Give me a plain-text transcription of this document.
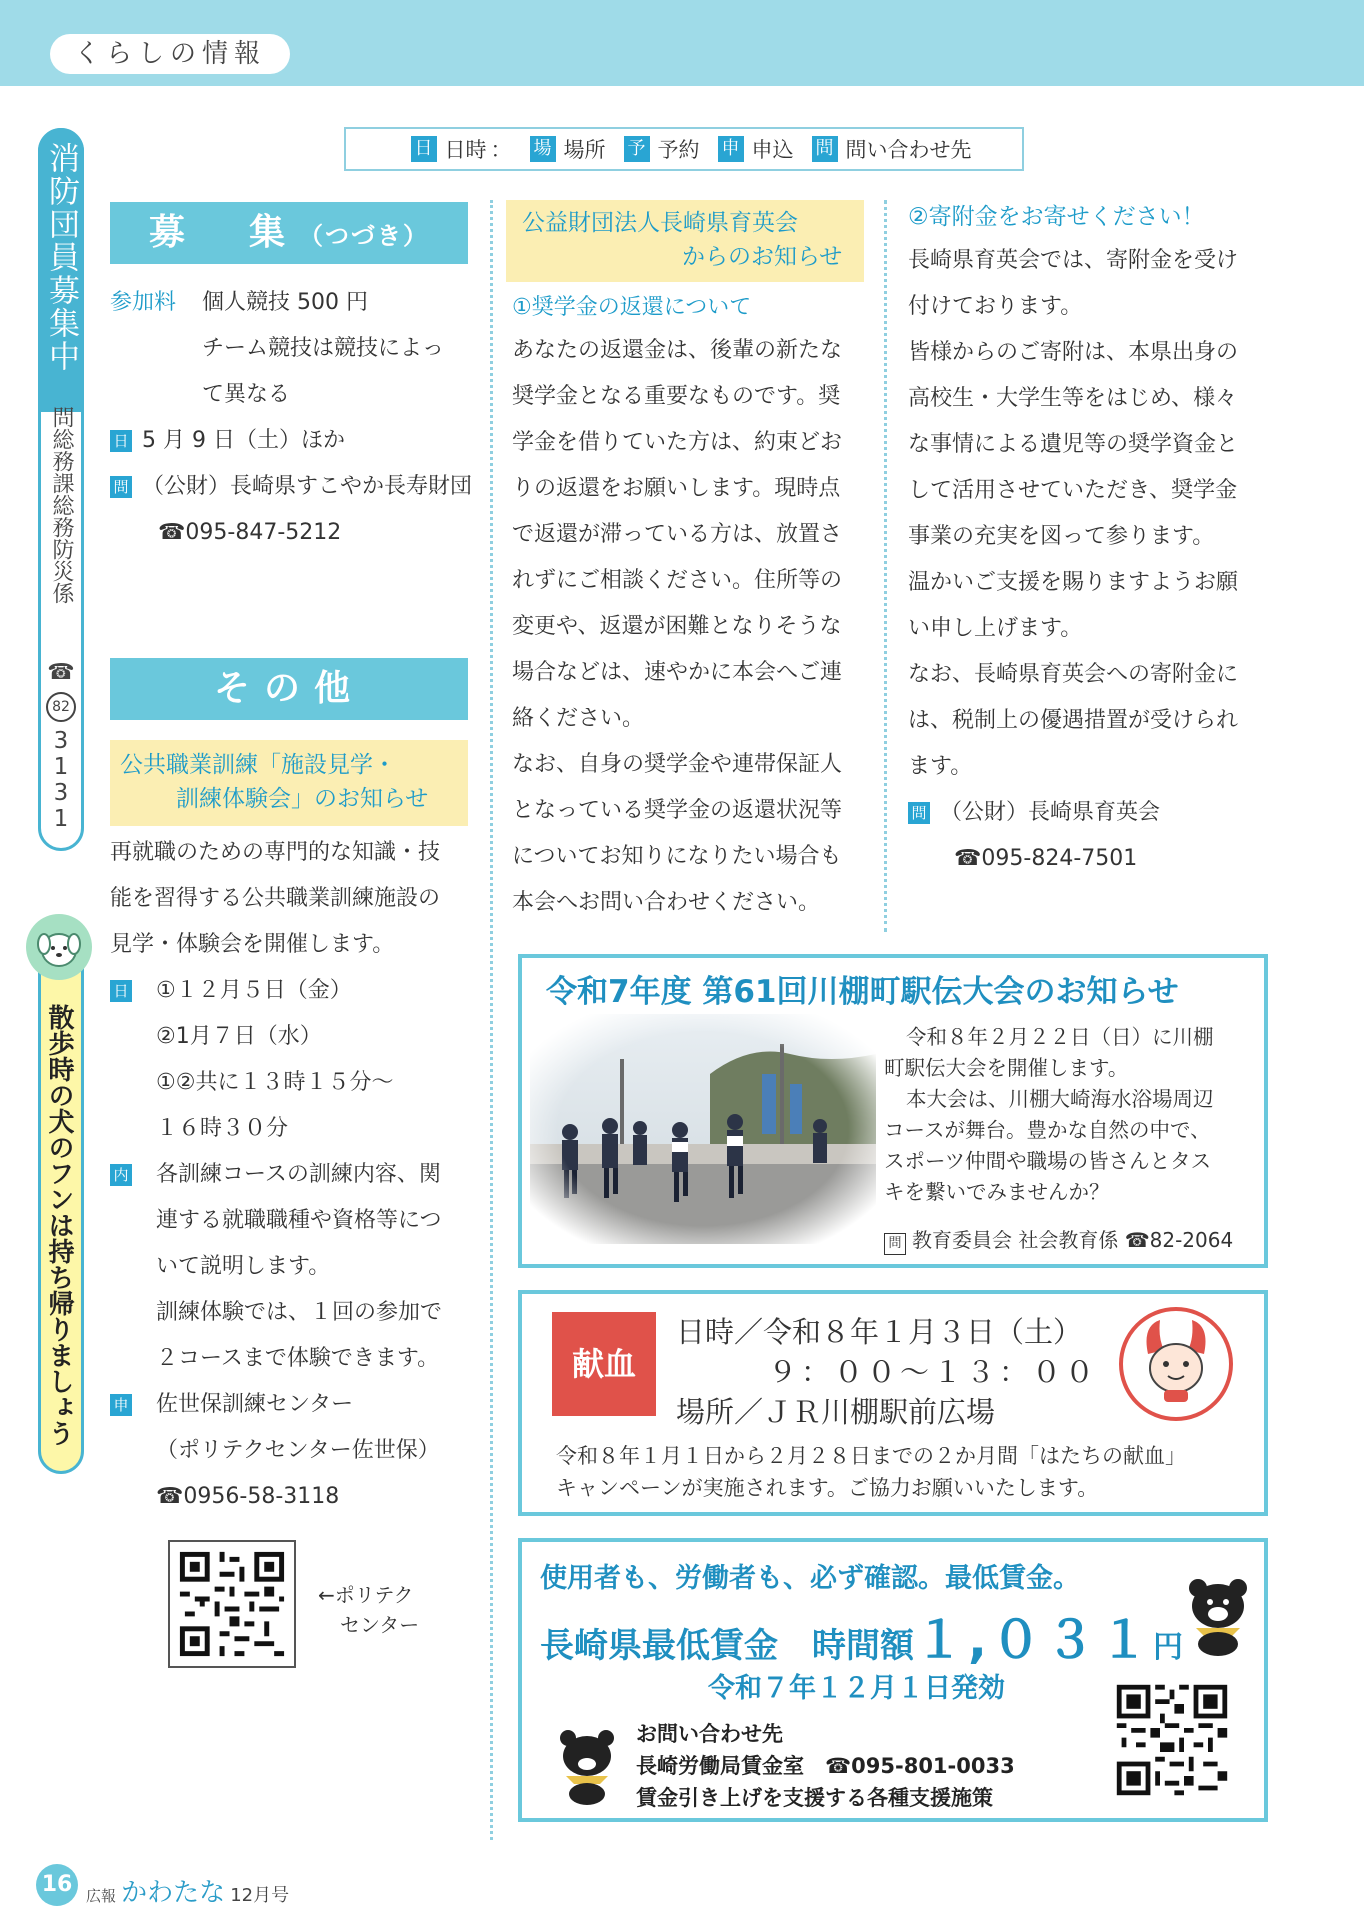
くらしの情報
日 日時 ： 場 場所 予 予約 申 申込 問 問い合わせ先
消防団員募集中
問総務課総務防災係
☎
82
3131
散歩時の犬のフンは持ち帰りましょう
募　集（つづき）
参加料 個人競技 500 円
チーム競技は競技によっ
て異なる
日 5 月 9 日（土）ほか
問 （公財）長崎県すこやか長寿財団
☎095-847-5212
その他
公共職業訓練「施設見学・
訓練体験会」のお知らせ
再就職のための専門的な知識・技
能を習得する公共職業訓練施設の
見学・体験会を開催します。
日	①１２月５日（金）
②1月７日（水）
①②共に１３時１５分～
１６時３０分
内	各訓練コースの訓練内容、関
連する就職職種や資格等につ
いて説明します。
訓練体験では、１回の参加で
２コースまで体験できます。
申	佐世保訓練センター
（ポリテクセンター佐世保）
☎0956-58-3118
←ポリテク
センター
公益財団法人長崎県育英会
からのお知らせ
①奨学金の返還について
あなたの返還金は、後輩の新たな
奨学金となる重要なものです。奨
学金を借りていた方は、約束どお
りの返還をお願いします。現時点
で返還が滞っている方は、放置さ
れずにご相談ください。住所等の
変更や、返還が困難となりそうな
場合などは、速やかに本会へご連
絡ください。
なお、自身の奨学金や連帯保証人
となっている奨学金の返還状況等
についてお知りになりたい場合も
本会へお問い合わせください。
②寄附金をお寄せください！
長崎県育英会では、寄附金を受け
付けております。
皆様からのご寄附は、本県出身の
高校生・大学生等をはじめ、様々
な事情による遺児等の奨学資金と
して活用させていただき、奨学金
事業の充実を図って参ります。
温かいご支援を賜りますようお願
い申し上げます。
なお、長崎県育英会への寄附金に
は、税制上の優遇措置が受けられ
ます。
問 （公財）長崎県育英会
☎095-824-7501
令和7年度 第61回川棚町駅伝大会のお知らせ
令和８年２月２２日（日）に川棚
町駅伝大会を開催します。
本大会は、川棚大崎海水浴場周辺
コースが舞台。豊かな自然の中で、
スポーツ仲間や職場の皆さんとタス
キを繋いでみませんか？
問 教育委員会 社会教育係 ☎82-2064
献血
日時／令和８年１月３日（土）
９：００～１３：００
場所／ＪＲ川棚駅前広場
令和８年１月１日から２月２８日までの２か月間「はたちの献血」
キャンペーンが実施されます。ご協力お願いいたします。
使用者も、労働者も、必ず確認。最低賃金。
長崎県最低賃金　時間額１,０３１円
令和７年１２月１日発効
お問い合わせ先
長崎労働局賃金室　☎095-801-0033
賃金引き上げを支援する各種支援施策
16 広報 かわたな 12月号
